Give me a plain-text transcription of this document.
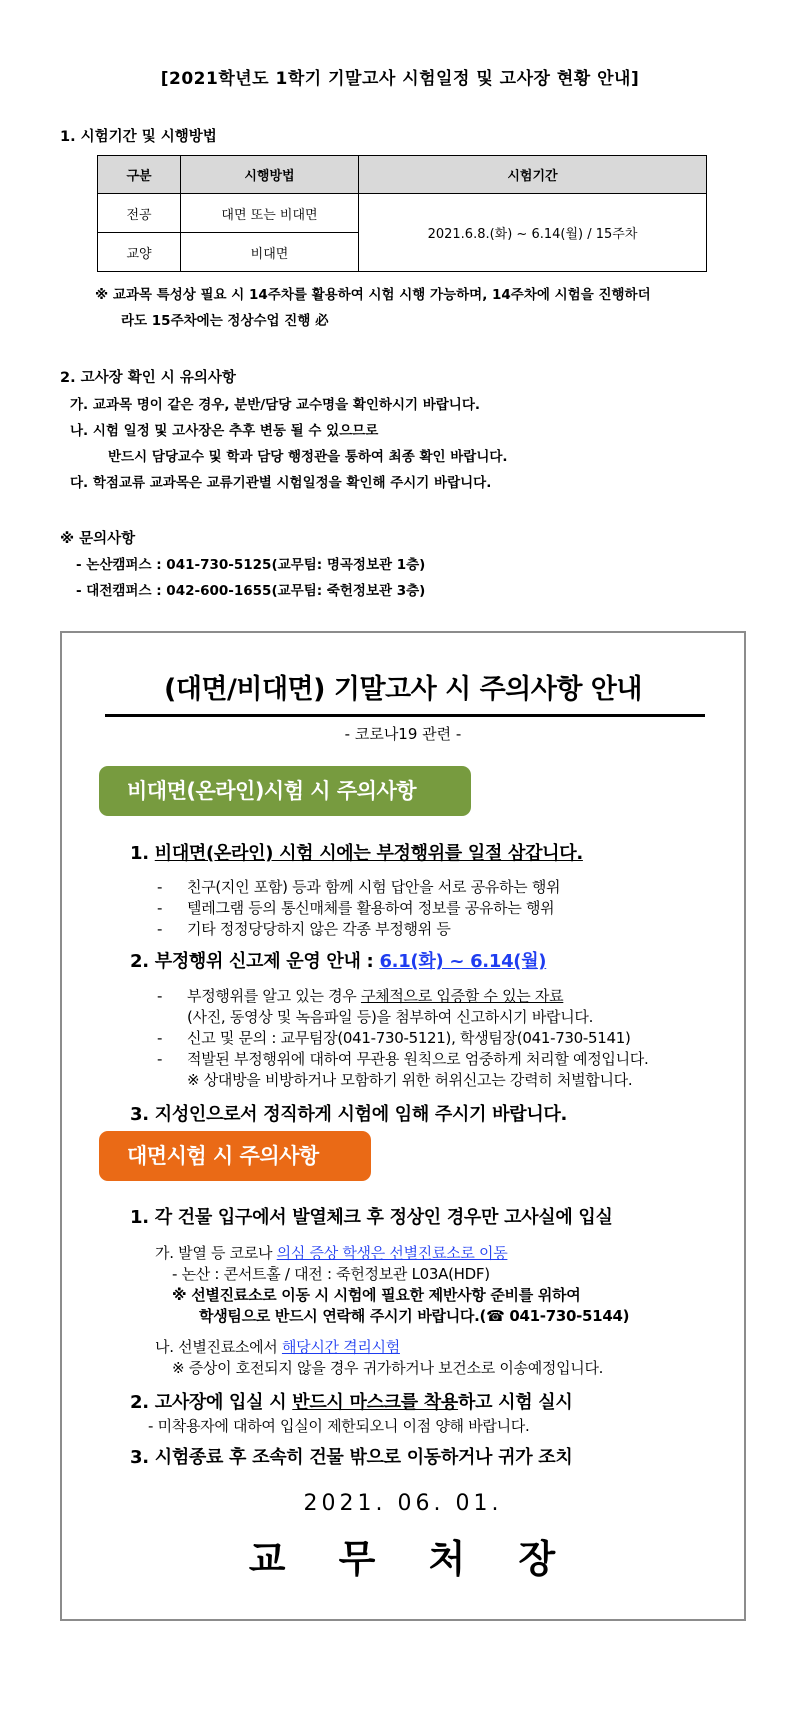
[2021학년도 1학기 기말고사 시험일정 및 고사장 현황 안내]
1. 시험기간 및 시행방법
구분	시행방법	시험기간
전공	대면 또는 비대면	2021.6.8.(화) ~ 6.14(월) / 15주차
교양	비대면	
※ 교과목 특성상 필요 시 14주차를 활용하여 시험 시행 가능하며, 14주차에 시험을 진행하더
라도 15주차에는 정상수업 진행 必
2. 고사장 확인 시 유의사항
가. 교과목 명이 같은 경우, 분반/담당 교수명을 확인하시기 바랍니다.
나. 시험 일정 및 고사장은 추후 변동 될 수 있으므로
반드시 담당교수 및 학과 담당 행정관을 통하여 최종 확인 바랍니다.
다. 학점교류 교과목은 교류기관별 시험일정을 확인해 주시기 바랍니다.
※ 문의사항
- 논산캠퍼스 : 041-730-5125(교무팀: 명곡정보관 1층)
- 대전캠퍼스 : 042-600-1655(교무팀: 죽헌정보관 3층)
(대면/비대면) 기말고사 시 주의사항 안내
- 코로나19 관련 -
비대면(온라인)시험 시 주의사항
1. 비대면(온라인) 시험 시에는 부정행위를 일절 삼갑니다.
- 친구(지인 포함) 등과 함께 시험 답안을 서로 공유하는 행위
- 텔레그램 등의 통신매체를 활용하여 정보를 공유하는 행위
- 기타 정정당당하지 않은 각종 부정행위 등
2. 부정행위 신고제 운영 안내 : 6.1(화) ~ 6.14(월)
- 부정행위를 알고 있는 경우 구체적으로 입증할 수 있는 자료
(사진, 동영상 및 녹음파일 등)을 첨부하여 신고하시기 바랍니다.
- 신고 및 문의 : 교무팀장(041-730-5121), 학생팀장(041-730-5141)
- 적발된 부정행위에 대하여 무관용 원칙으로 엄중하게 처리할 예정입니다.
※ 상대방을 비방하거나 모함하기 위한 허위신고는 강력히 처벌합니다.
3. 지성인으로서 정직하게 시험에 임해 주시기 바랍니다.
대면시험 시 주의사항
1. 각 건물 입구에서 발열체크 후 정상인 경우만 고사실에 입실
가. 발열 등 코로나 의심 증상 학생은 선별진료소로 이동
- 논산 : 콘서트홀 / 대전 : 죽헌정보관 L03A(HDF)
※ 선별진료소로 이동 시 시험에 필요한 제반사항 준비를 위하여
학생팀으로 반드시 연락해 주시기 바랍니다.(☎ 041-730-5144)
나. 선별진료소에서 해당시간 격리시험
※ 증상이 호전되지 않을 경우 귀가하거나 보건소로 이송예정입니다.
2. 고사장에 입실 시 반드시 마스크를 착용하고 시험 실시
- 미착용자에 대하여 입실이 제한되오니 이점 양해 바랍니다.
3. 시험종료 후 조속히 건물 밖으로 이동하거나 귀가 조치
2021. 06. 01.
교 무 처 장
